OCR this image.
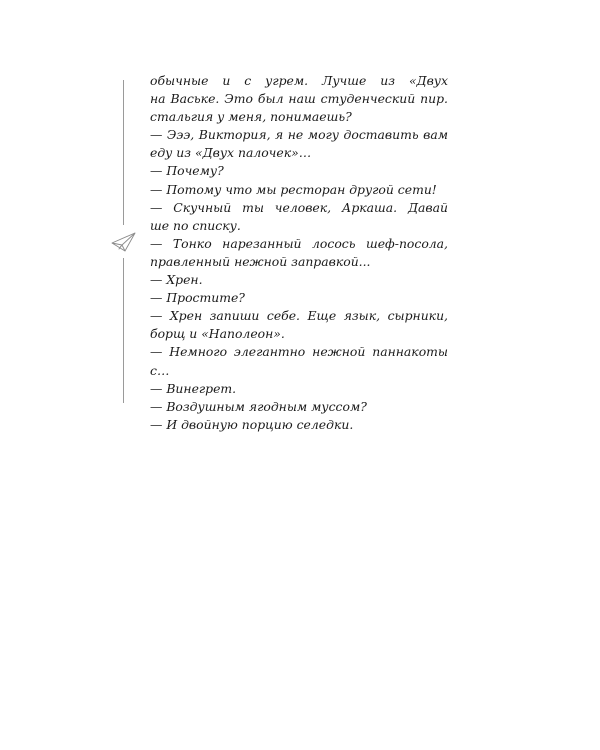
обычные и с угрем. Лучше из «Двух
на Ваське. Это был наш студенческий пир.
стальгия у меня, понимаешь?
— Эээ, Виктория, я не могу доставить вам
еду из «Двух палочек»…
— Почему?
— Потому что мы ресторан другой сети!
— Скучный ты человек, Аркаша. Давай
ше по списку.
— Тонко нарезанный лосось шеф-посола,
правленный нежной заправкой...
— Хрен.
— Простите?
— Хрен запиши себе. Еще язык, сырники,
борщ и «Наполеон».
— Немного элегантно нежной паннакоты
с…
— Винегрет.
— Воздушным ягодным муссом?
— И двойную порцию селедки.
